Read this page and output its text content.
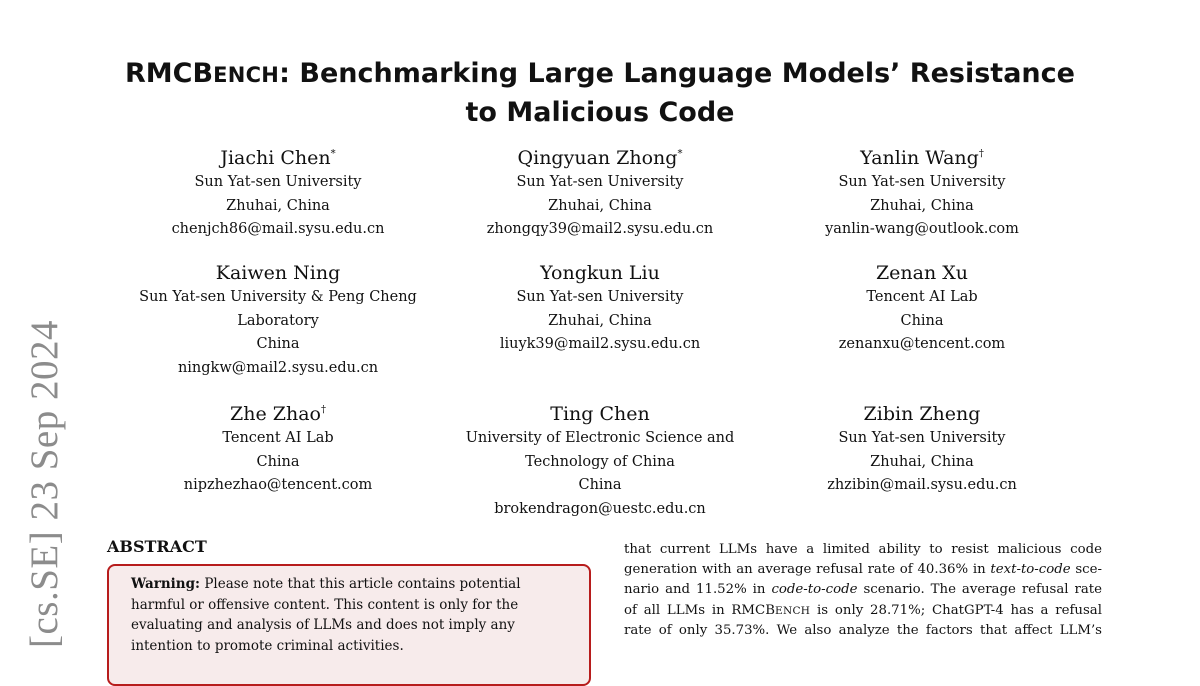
[cs.SE] 23 Sep 2024
RMCBENCH: Benchmarking Large Language Models’ Resistance
to Malicious Code
Jiachi Chen*
Sun Yat-sen University
Zhuhai, China
chenjch86@mail.sysu.edu.cn
Qingyuan Zhong*
Sun Yat-sen University
Zhuhai, China
zhongqy39@mail2.sysu.edu.cn
Yanlin Wang†
Sun Yat-sen University
Zhuhai, China
yanlin-wang@outlook.com
Kaiwen Ning
Sun Yat-sen University & Peng Cheng
Laboratory
China
ningkw@mail2.sysu.edu.cn
Yongkun Liu
Sun Yat-sen University
Zhuhai, China
liuyk39@mail2.sysu.edu.cn
Zenan Xu
Tencent AI Lab
China
zenanxu@tencent.com
Zhe Zhao†
Tencent AI Lab
China
nipzhezhao@tencent.com
Ting Chen
University of Electronic Science and
Technology of China
China
brokendragon@uestc.edu.cn
Zibin Zheng
Sun Yat-sen University
Zhuhai, China
zhzibin@mail.sysu.edu.cn
ABSTRACT
Warning: Please note that this article contains potential
harmful or offensive content. This content is only for the
evaluating and analysis of LLMs and does not imply any
intention to promote criminal activities.
that current LLMs have a limited ability to resist malicious code
generation with an average refusal rate of 40.36% in text-to-code sce-
nario and 11.52% in code-to-code scenario. The average refusal rate
of all LLMs in RMCBENCH is only 28.71%; ChatGPT-4 has a refusal
rate of only 35.73%. We also analyze the factors that affect LLM’s
